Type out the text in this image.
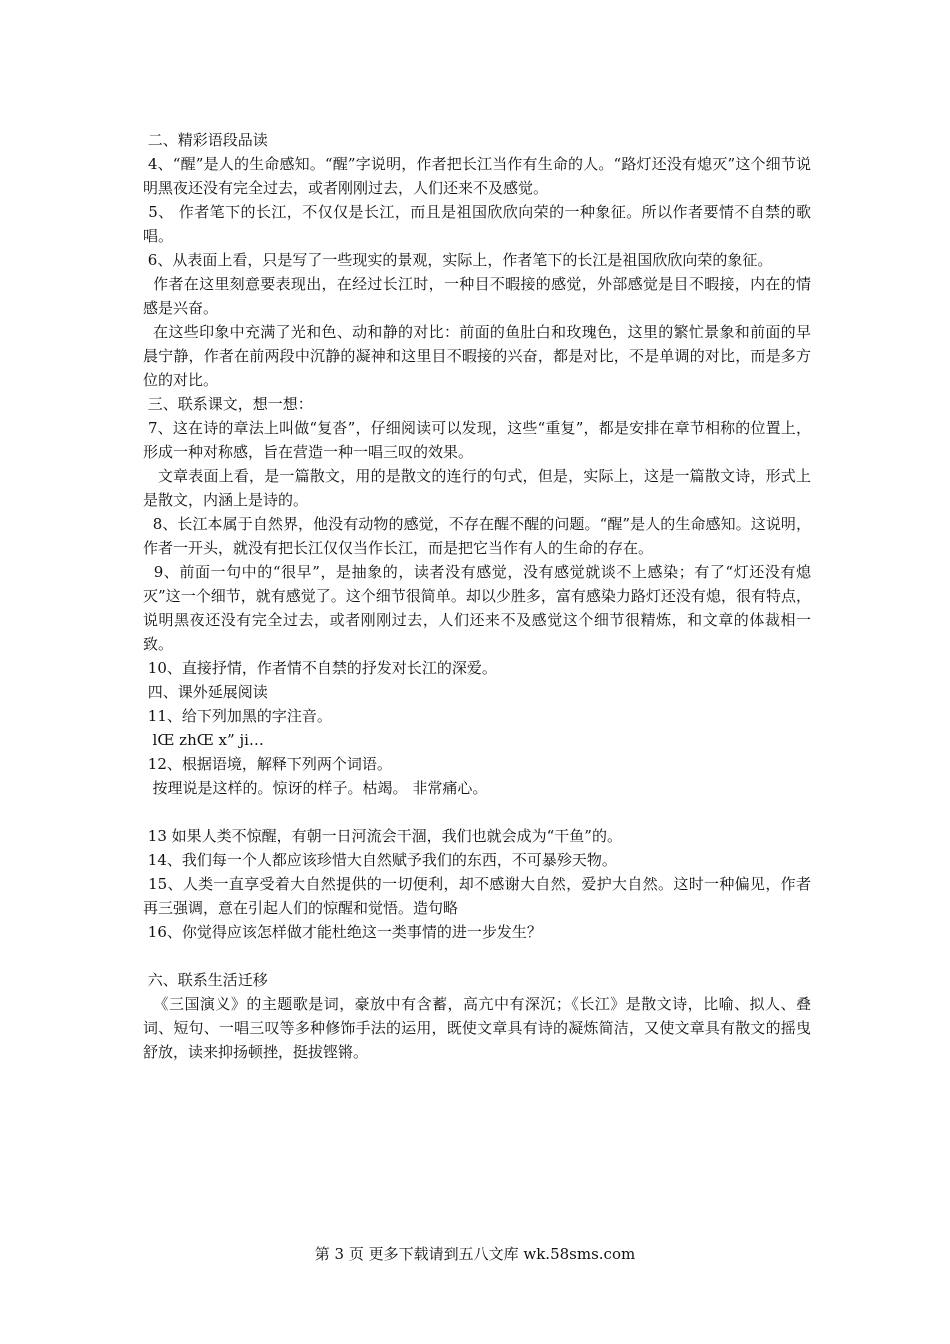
二、精彩语段品读

4、“醒”是人的生命感知。“醒”字说明，作者把长江当作有生命的人。“路灯还没有熄灭”这个细节说明黑夜还没有完全过去，或者刚刚过去，人们还来不及感觉。

5、 作者笔下的长江，不仅仅是长江，而且是祖国欣欣向荣的一种象征。所以作者要情不自禁的歌唱。

6、从表面上看，只是写了一些现实的景观，实际上，作者笔下的长江是祖国欣欣向荣的象征。

作者在这里刻意要表现出，在经过长江时，一种目不暇接的感觉，外部感觉是目不暇接，内在的情感是兴奋。

在这些印象中充满了光和色、动和静的对比：前面的鱼肚白和玫瑰色，这里的繁忙景象和前面的早晨宁静，作者在前两段中沉静的凝神和这里目不暇接的兴奋，都是对比，不是单调的对比，而是多方位的对比。

三、联系课文，想一想：

7、这在诗的章法上叫做“复沓”，仔细阅读可以发现，这些“重复”，都是安排在章节相称的位置上，形成一种对称感，旨在营造一种一唱三叹的效果。

文章表面上看，是一篇散文，用的是散文的连行的句式，但是，实际上，这是一篇散文诗，形式上是散文，内涵上是诗的。

8、长江本属于自然界，他没有动物的感觉，不存在醒不醒的问题。“醒”是人的生命感知。这说明，作者一开头，就没有把长江仅仅当作长江，而是把它当作有人的生命的存在。

9、前面一句中的“很早”，是抽象的，读者没有感觉，没有感觉就谈不上感染；有了“灯还没有熄灭”这一个细节，就有感觉了。这个细节很简单。却以少胜多，富有感染力路灯还没有熄，很有特点，说明黑夜还没有完全过去，或者刚刚过去，人们还来不及感觉这个细节很精炼，和文章的体裁相一致。

10、直接抒情，作者情不自禁的抒发对长江的深爱。

四、课外延展阅读

11、给下列加黑的字注音。

lŒ zhŒ x” ji…

12、根据语境，解释下列两个词语。

按理说是这样的。惊讶的样子。枯竭。 非常痛心。

13 如果人类不惊醒，有朝一日河流会干涸，我们也就会成为“干鱼”的。

14、我们每一个人都应该珍惜大自然赋予我们的东西，不可暴殄天物。

15、人类一直享受着大自然提供的一切便利，却不感谢大自然，爱护大自然。这时一种偏见，作者再三强调，意在引起人们的惊醒和觉悟。造句略

16、你觉得应该怎样做才能杜绝这一类事情的进一步发生？

六、联系生活迁移

《三国演义》的主题歌是词，豪放中有含蓄，高亢中有深沉；《长江》是散文诗，比喻、拟人、叠词、短句、一唱三叹等多种修饰手法的运用，既使文章具有诗的凝炼简洁，又使文章具有散文的摇曳舒放，读来抑扬顿挫，挺拔铿锵。

第 3 页 更多下载请到五八文库 wk.58sms.com
